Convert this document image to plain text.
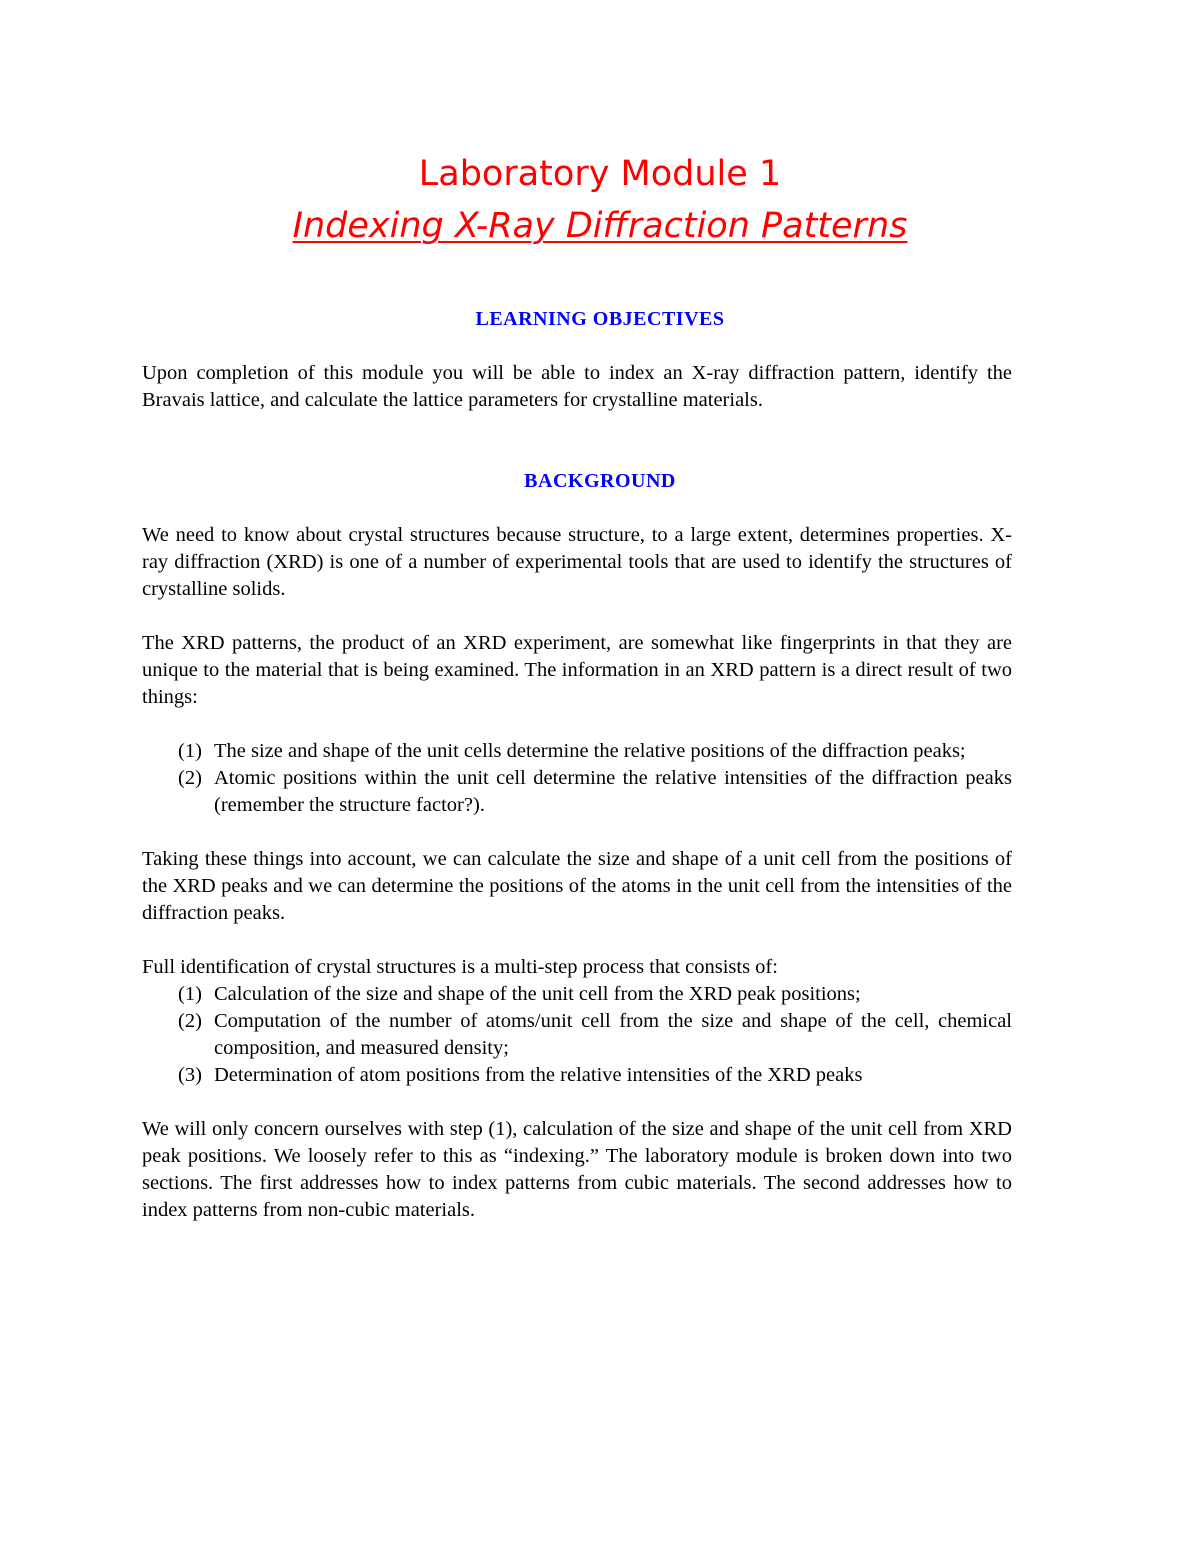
Laboratory Module 1
Indexing X-Ray Diffraction Patterns
LEARNING OBJECTIVES

Upon completion of this module you will be able to index an X-ray diffraction pattern, identify the Bravais lattice, and calculate the lattice parameters for crystalline materials.

BACKGROUND

We need to know about crystal structures because structure, to a large extent, determines properties. X-ray diffraction (XRD) is one of a number of experimental tools that are used to identify the structures of crystalline solids.

The XRD patterns, the product of an XRD experiment, are somewhat like fingerprints in that they are unique to the material that is being examined. The information in an XRD pattern is a direct result of two things:

(1) The size and shape of the unit cells determine the relative positions of the diffraction peaks;
(2) Atomic positions within the unit cell determine the relative intensities of the diffraction peaks (remember the structure factor?).

Taking these things into account, we can calculate the size and shape of a unit cell from the positions of the XRD peaks and we can determine the positions of the atoms in the unit cell from the intensities of the diffraction peaks.

Full identification of crystal structures is a multi-step process that consists of:

(1) Calculation of the size and shape of the unit cell from the XRD peak positions;
(2) Computation of the number of atoms/unit cell from the size and shape of the cell, chemical composition, and measured density;
(3) Determination of atom positions from the relative intensities of the XRD peaks

We will only concern ourselves with step (1), calculation of the size and shape of the unit cell from XRD peak positions. We loosely refer to this as “indexing.” The laboratory module is broken down into two sections. The first addresses how to index patterns from cubic materials. The second addresses how to index patterns from non-cubic materials.
